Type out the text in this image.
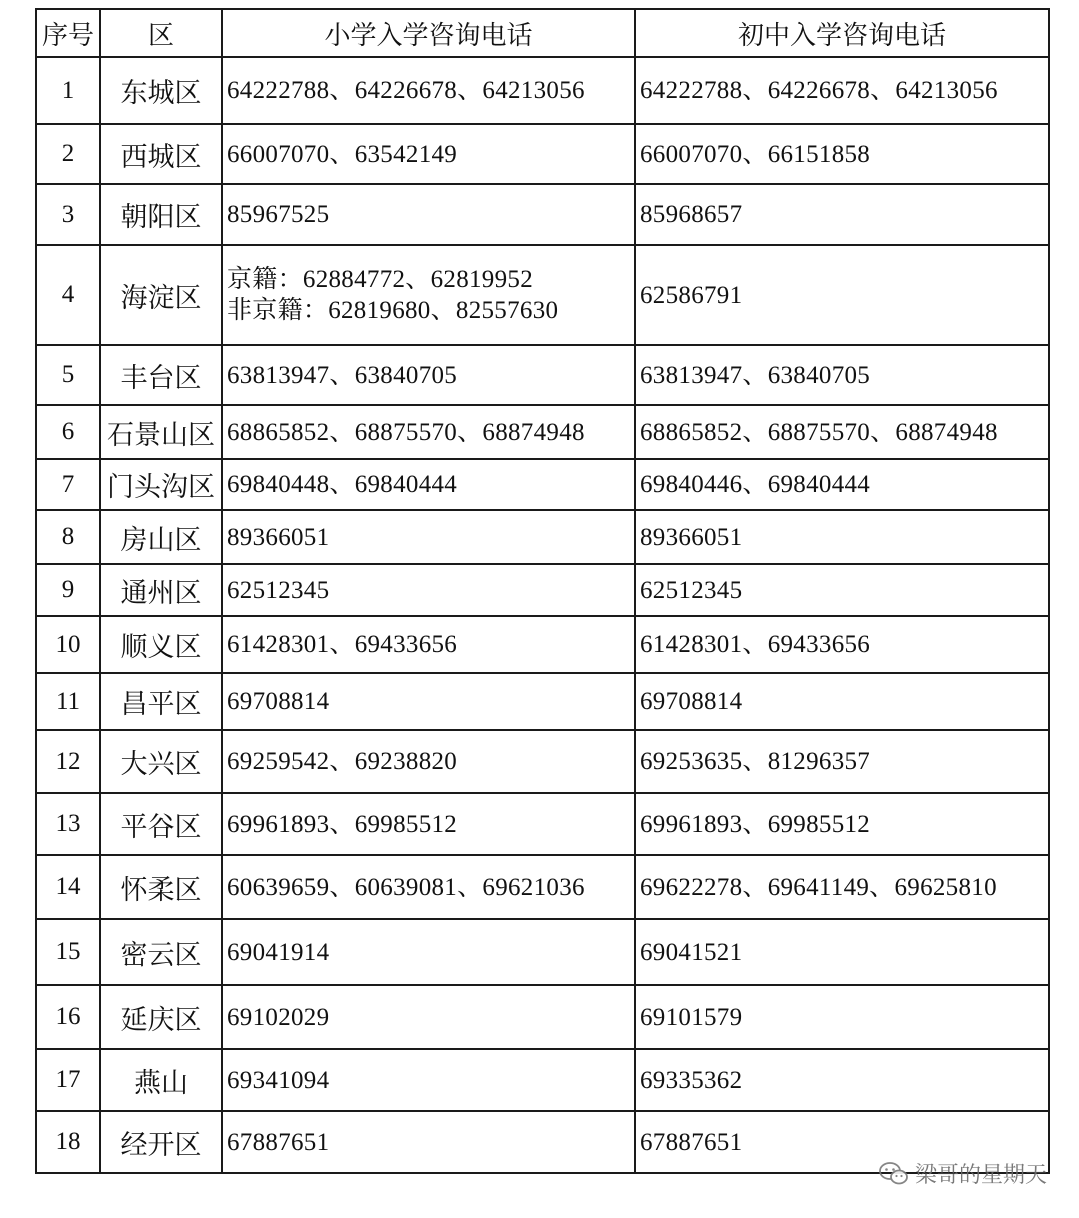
序号	区	小学入学咨询电话	初中入学咨询电话
1	东城区	64222788、64226678、64213056	64222788、64226678、64213056

2	西城区	66007070、63542149	66007070、66151858

3	朝阳区	85967525	85968657

4	海淀区	京籍：62884772、62819952
非京籍：62819680、82557630	62586791

5	丰台区	63813947、63840705	63813947、63840705

6	石景山区	68865852、68875570、68874948	68865852、68875570、68874948

7	门头沟区	69840448、69840444	69840446、69840444

8	房山区	89366051	89366051

9	通州区	62512345	62512345

10	顺义区	61428301、69433656	61428301、69433656

11	昌平区	69708814	69708814

12	大兴区	69259542、69238820	69253635、81296357

13	平谷区	69961893、69985512	69961893、69985512

14	怀柔区	60639659、60639081、69621036	69622278、69641149、69625810

15	密云区	69041914	69041521

16	延庆区	69102029	69101579

17	燕山	69341094	69335362

18	经开区	67887651	67887651
梁哥的星期天
